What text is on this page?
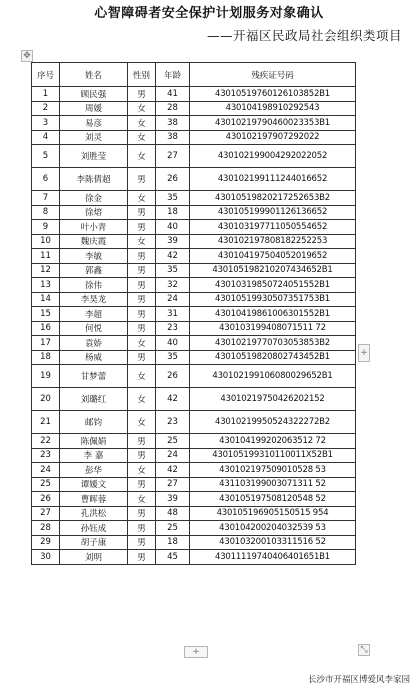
心智障碍者安全保护计划服务对象确认
——开福区民政局社会组织类项目
✥
+
+	⤡
序号	姓名	性别	年龄	残疾证号码
1	顾民强	男	41	43010519760126103852B1
2	周媛	女	28	430104198910292543
3	易彦	女	38	43010219790460023353B1
4	刘灵	女	38	430102197907292022
5	刘胜莹	女	27	430102199004292022052
6	李陈倩超	男	26	430102199111244016652
7	徐金	女	35	43010519820217252653B2
8	徐熔	男	18	430105199901126136652
9	叶小青	男	40	430103197711050554652
10	魏庆霞	女	39	430102197808182252253
11	李敏	男	42	430104197504052019652
12	郭鑫	男	35	430105198210207434652B1
13	徐伟	男	32	43010319850724051552B1
14	李昊龙	男	24	43010519930507351753B1
15	李超	男	31	43010419861006301552B1
16	何悦	男	23	430103199408071511 72
17	袁娇	女	40	43010219770703053853B2
18	杨威	男	35	43010519820802743452B1
19	甘梦蕾	女	26	430102199106080029652B1
20	刘璐红	女	42	43010219750426202152
21	邮钧	女	23	43010219950524322272B2
22	陈佩娟	男	25	430104199202063512 72
23	李 嘉	男	24	430105199310110011X52B1
24	彭华	女	42	430102197509010528 53
25	谭媛文	男	27	431103199003071311 52
26	曹晖蓉	女	39	430105197508120548 52
27	孔洪松	男	48	430105196905150515 954
28	孙钰成	男	25	430104200204032539 53
29	胡子康	男	18	430103200103311516 52
30	刘明	男	45	43011119740406401651B1
长沙市开福区博爱风李家园
